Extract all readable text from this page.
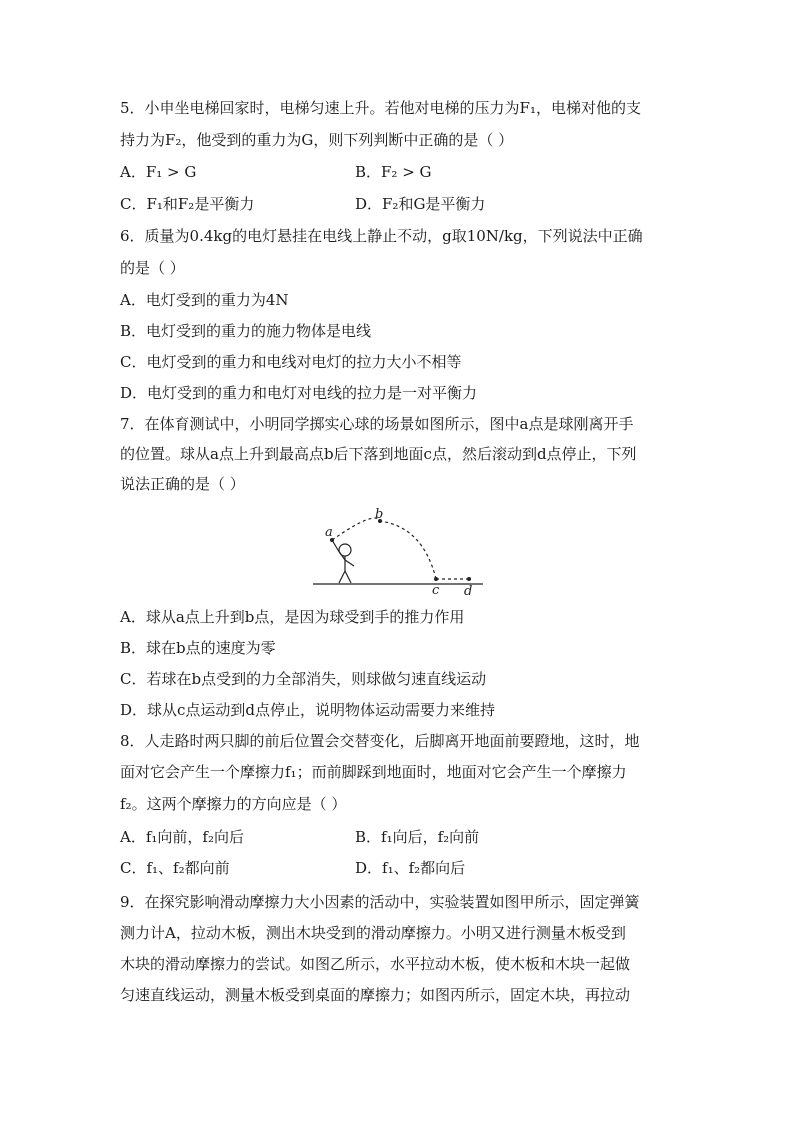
5．小申坐电梯回家时，电梯匀速上升。若他对电梯的压力为F₁，电梯对他的支
持力为F₂，他受到的重力为G，则下列判断中正确的是（ ）
A．F₁ > G	B．F₂ > G
C．F₁和F₂是平衡力	D．F₂和G是平衡力
6．质量为0.4kg的电灯悬挂在电线上静止不动，g取10N/kg，下列说法中正确
的是（ ）
A．电灯受到的重力为4N
B．电灯受到的重力的施力物体是电线
C．电灯受到的重力和电线对电灯的拉力大小不相等
D．电灯受到的重力和电灯对电线的拉力是一对平衡力
7．在体育测试中，小明同学掷实心球的场景如图所示，图中a点是球刚离开手
的位置。球从a点上升到最高点b后下落到地面c点，然后滚动到d点停止，下列
说法正确的是（ ）
a
b
c d
A．球从a点上升到b点，是因为球受到手的推力作用
B．球在b点的速度为零
C．若球在b点受到的力全部消失，则球做匀速直线运动
D．球从c点运动到d点停止，说明物体运动需要力来维持
8．人走路时两只脚的前后位置会交替变化，后脚离开地面前要蹬地，这时，地
面对它会产生一个摩擦力f₁；而前脚踩到地面时，地面对它会产生一个摩擦力
f₂。这两个摩擦力的方向应是（ ）
A．f₁向前，f₂向后	B．f₁向后，f₂向前
C．f₁、f₂都向前	D．f₁、f₂都向后
9．在探究影响滑动摩擦力大小因素的活动中，实验装置如图甲所示，固定弹簧
测力计A，拉动木板，测出木块受到的滑动摩擦力。小明又进行测量木板受到
木块的滑动摩擦力的尝试。如图乙所示，水平拉动木板，使木板和木块一起做
匀速直线运动，测量木板受到桌面的摩擦力；如图丙所示，固定木块，再拉动
